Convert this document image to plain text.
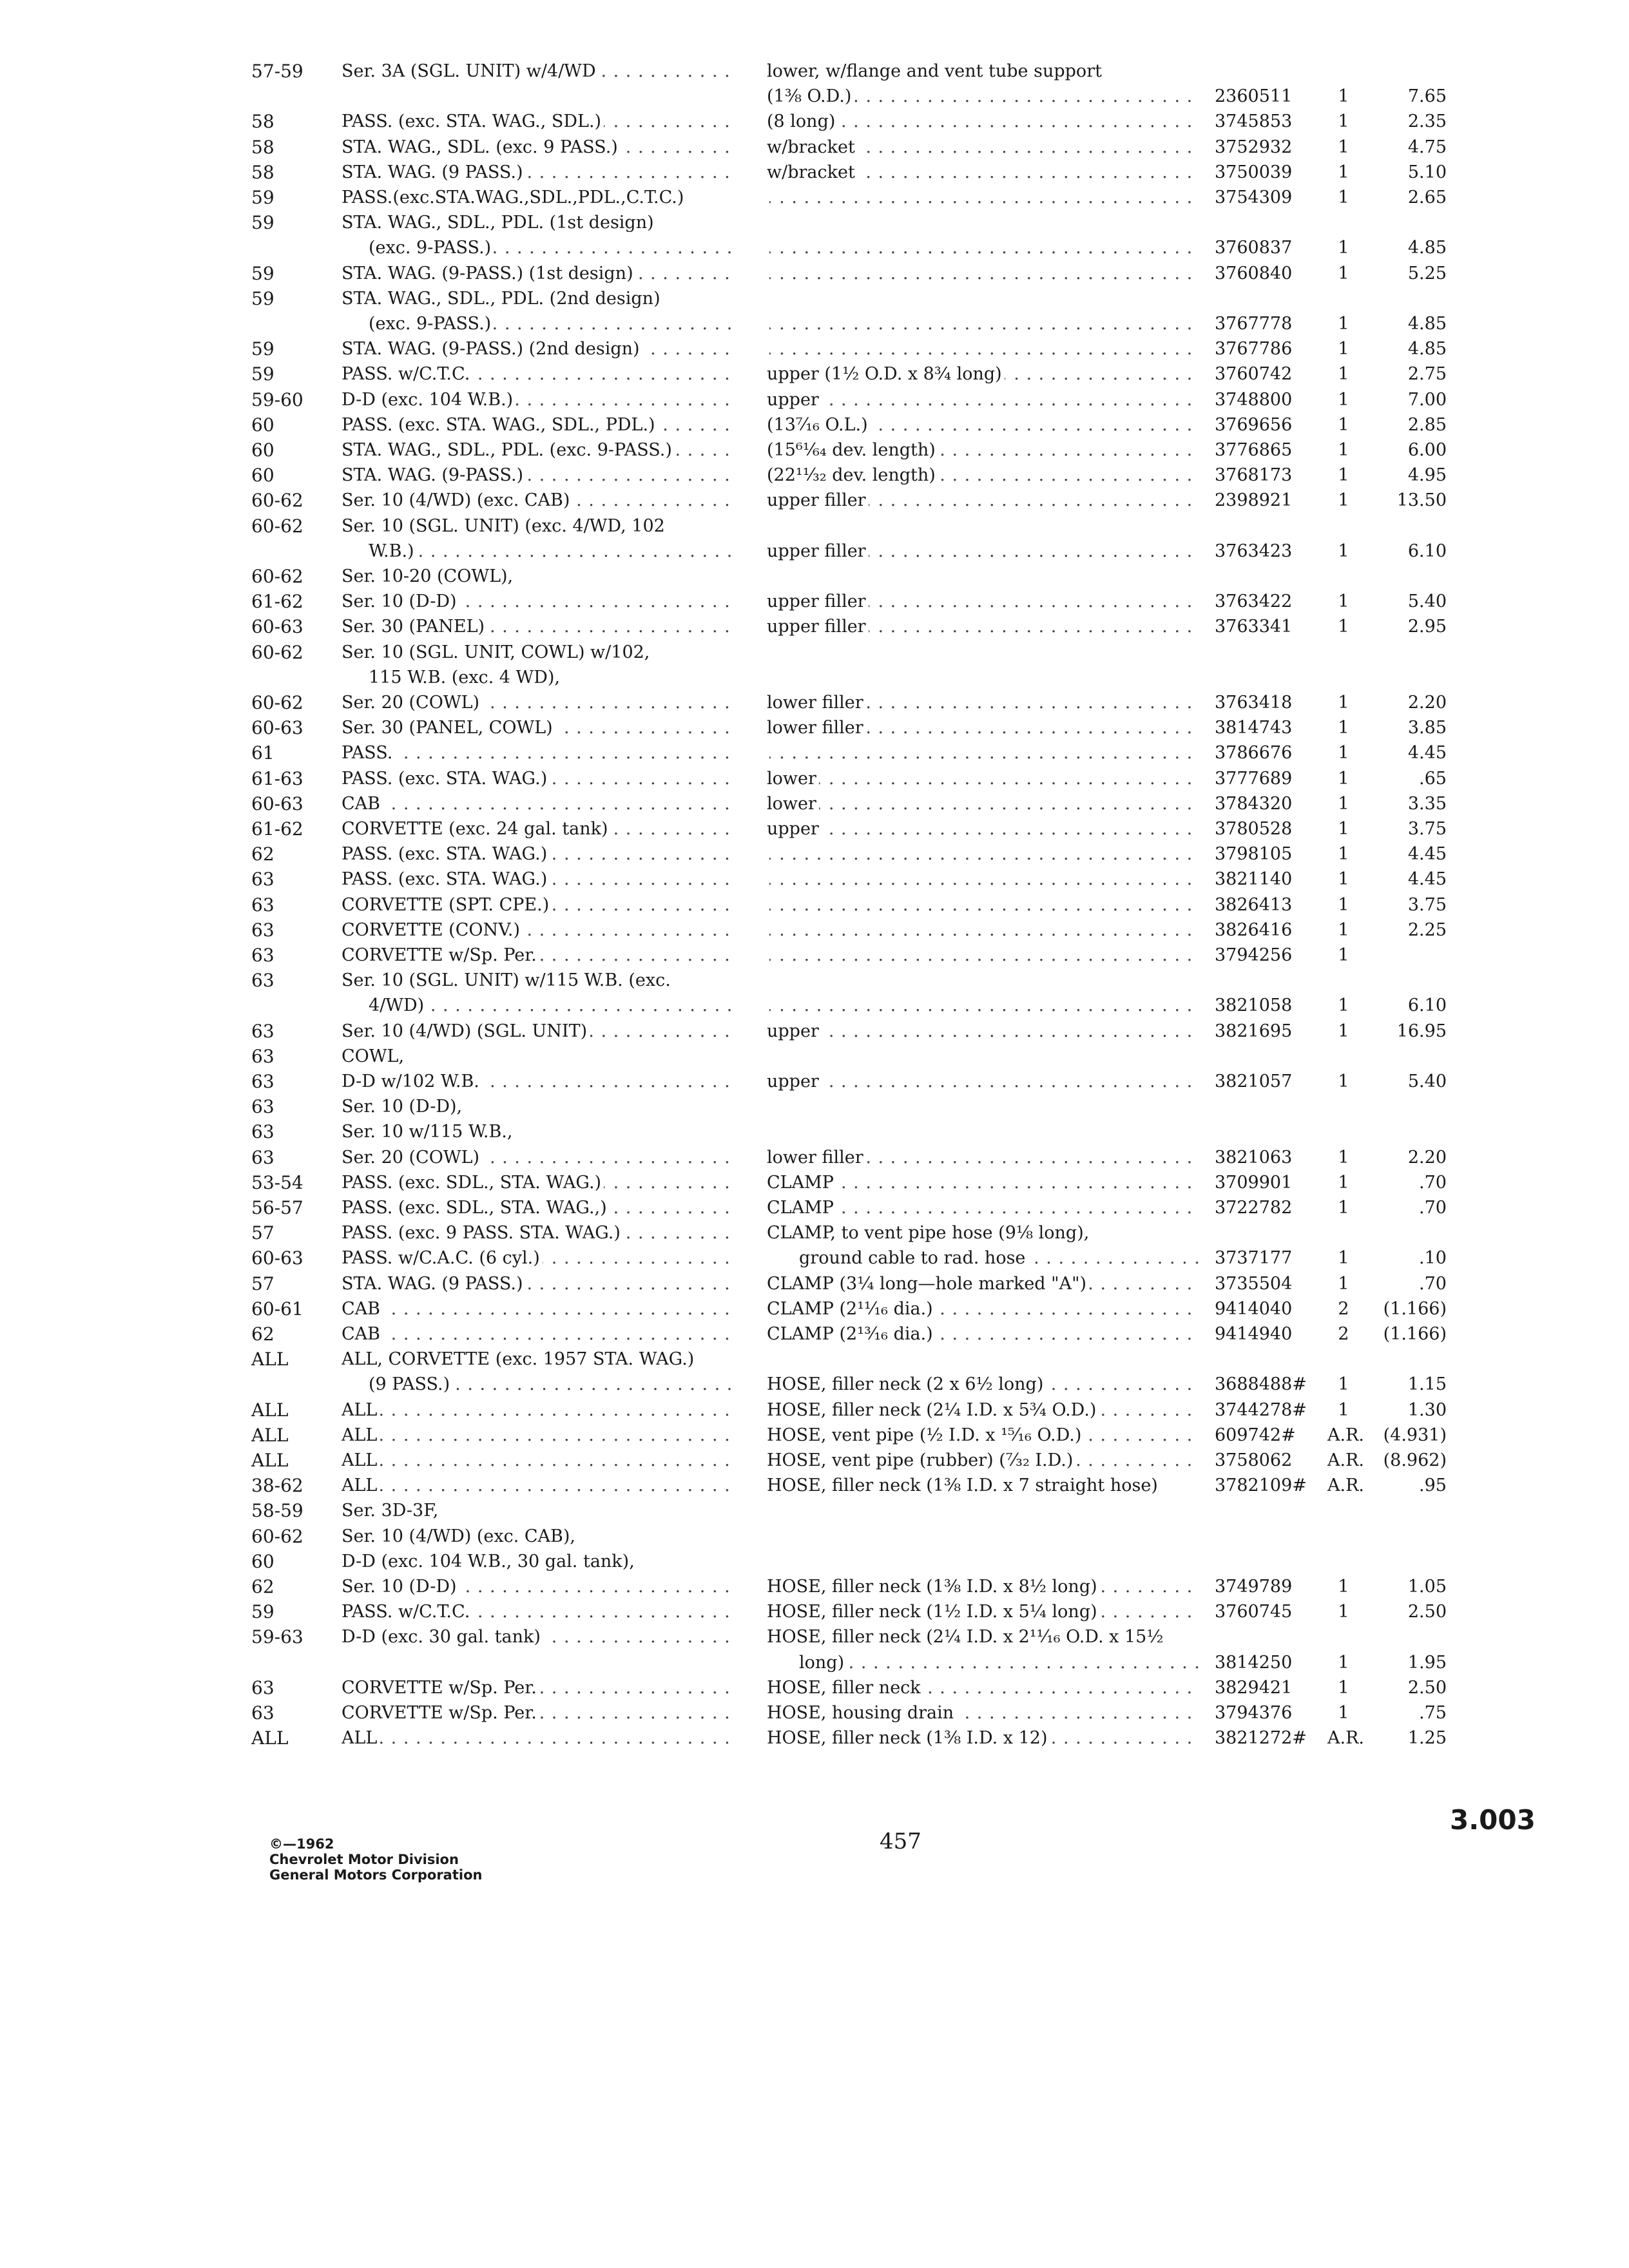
57-59 Ser. 3A (SGL. UNIT) w/4/WD . . .	lower, w/flange and vent tube support
(1⅜ O.D.) . . .	2360511	1	7.65
58	PASS. (exc. STA. WAG., SDL.) . . .	(8 long) . . .	3745853	1	2.35
58	STA. WAG., SDL. (exc. 9 PASS.) . . .	w/bracket . . .	3752932	1	4.75
58	STA. WAG. (9 PASS.) . . .	w/bracket . . .	3750039	1	5.10
59	PASS.(exc.STA.WAG.,SDL.,PDL.,C.T.C.) . . .	3754309	1	2.65
59	STA. WAG., SDL., PDL. (1st design)
(exc. 9-PASS.) . . . . . .	3760837	1	4.85
59	STA. WAG. (9-PASS.) (1st design) . . . . . .	3760840	1	5.25
59	STA. WAG., SDL., PDL. (2nd design)
(exc. 9-PASS.) . . . . . .	3767778	1	4.85
59	STA. WAG. (9-PASS.) (2nd design) . . . . . .	3767786	1	4.85
59	PASS. w/C.T.C. . . .	upper (1½ O.D. x 8¾ long) . . .	3760742	1	2.75
59-60 D-D (exc. 104 W.B.) . . .	upper . . .	3748800	1	7.00
60	PASS. (exc. STA. WAG., SDL., PDL.) . . .	(13⁷⁄₁₆ O.L.) . . .	3769656	1	2.85
60	STA. WAG., SDL., PDL. (exc. 9-PASS.) . . .	(15⁶¹⁄₆₄ dev. length) . . .	3776865	1	6.00
60	STA. WAG. (9-PASS.) . . .	(22¹¹⁄₃₂ dev. length) . . .	3768173	1	4.95
60-62 Ser. 10 (4/WD) (exc. CAB) . . .	upper filler . . .	2398921	1	13.50
60-62 Ser. 10 (SGL. UNIT) (exc. 4/WD, 102
W.B.) . . .	upper filler . . .	3763423	1	6.10
60-62 Ser. 10-20 (COWL),
61-62 Ser. 10 (D-D) . . .	upper filler . . .	3763422	1	5.40
60-63 Ser. 30 (PANEL) . . .	upper filler . . .	3763341	1	2.95
60-62 Ser. 10 (SGL. UNIT, COWL) w/102,
115 W.B. (exc. 4 WD),
60-62 Ser. 20 (COWL) . . .	lower filler . . .	3763418	1	2.20
60-63 Ser. 30 (PANEL, COWL) . . .	lower filler . . .	3814743	1	3.85
61	PASS. . . . . . .	3786676	1	4.45
61-63 PASS. (exc. STA. WAG.) . . .	lower . . .	3777689	1	.65
60-63 CAB . . .	lower . . .	3784320	1	3.35
61-62 CORVETTE (exc. 24 gal. tank) . . .	upper . . .	3780528	1	3.75
62	PASS. (exc. STA. WAG.) . . . . . .	3798105	1	4.45
63	PASS. (exc. STA. WAG.) . . . . . .	3821140	1	4.45
63	CORVETTE (SPT. CPE.) . . . . . .	3826413	1	3.75
63	CORVETTE (CONV.) . . . . . .	3826416	1	2.25
63	CORVETTE w/Sp. Per. . . . . . .	3794256	1
63	Ser. 10 (SGL. UNIT) w/115 W.B. (exc.
4/WD) . . . . . .	3821058	1	6.10
63	Ser. 10 (4/WD) (SGL. UNIT) . . .	upper . . .	3821695	1	16.95
63	COWL,
63	D-D w/102 W.B. . . .	upper . . .	3821057	1	5.40
63	Ser. 10 (D-D),
63	Ser. 10 w/115 W.B.,
63	Ser. 20 (COWL) . . .	lower filler . . .	3821063	1	2.20
53-54 PASS. (exc. SDL., STA. WAG.) . . .	CLAMP . . .	3709901	1	.70
56-57 PASS. (exc. SDL., STA. WAG.,) . . .	CLAMP . . .	3722782	1	.70
57	PASS. (exc. 9 PASS. STA. WAG.) . . .	CLAMP, to vent pipe hose (9⅛ long),
60-63 PASS. w/C.A.C. (6 cyl.) . . .	ground cable to rad. hose . . .	3737177	1	.10
57	STA. WAG. (9 PASS.) . . .	CLAMP (3¼ long—hole marked "A") . . .	3735504	1	.70
60-61 CAB . . .	CLAMP (2¹¹⁄₁₆ dia.) . . .	9414040	2	(1.166)
62	CAB . . .	CLAMP (2¹³⁄₁₆ dia.) . . .	9414940	2	(1.166)
ALL	ALL, CORVETTE (exc. 1957 STA. WAG.)
(9 PASS.) . . .	HOSE, filler neck (2 x 6½ long) . . .	3688488#	1	1.15
ALL	ALL . . .	HOSE, filler neck (2¼ I.D. x 5¾ O.D.) . . .	3744278#	1	1.30
ALL	ALL . . .	HOSE, vent pipe (½ I.D. x ¹⁵⁄₁₆ O.D.) . . .	609742# A.R.	(4.931)
ALL	ALL . . .	HOSE, vent pipe (rubber) (⁷⁄₃₂ I.D.) . . .	3758062 A.R.	(8.962)
38-62 ALL . . .	HOSE, filler neck (1⅜ I.D. x 7 straight hose)	3782109# A.R.	.95
58-59 Ser. 3D-3F,
60-62 Ser. 10 (4/WD) (exc. CAB),
60	D-D (exc. 104 W.B., 30 gal. tank),
62	Ser. 10 (D-D) . . .	HOSE, filler neck (1⅜ I.D. x 8½ long) . . .	3749789	1	1.05
59	PASS. w/C.T.C. . . .	HOSE, filler neck (1½ I.D. x 5¼ long) . . .	3760745	1	2.50
59-63 D-D (exc. 30 gal. tank) . . .	HOSE, filler neck (2¼ I.D. x 2¹¹⁄₁₆ O.D. x 15½
long) . . .	3814250	1	1.95
63	CORVETTE w/Sp. Per. . . .	HOSE, filler neck . . .	3829421	1	2.50
63	CORVETTE w/Sp. Per. . . .	HOSE, housing drain . . .	3794376	1	.75
ALL	ALL . . .	HOSE, filler neck (1⅜ I.D. x 12) . . .	3821272# A.R.	1.25
©—1962
Chevrolet Motor Division
General Motors Corporation
457
3.003
